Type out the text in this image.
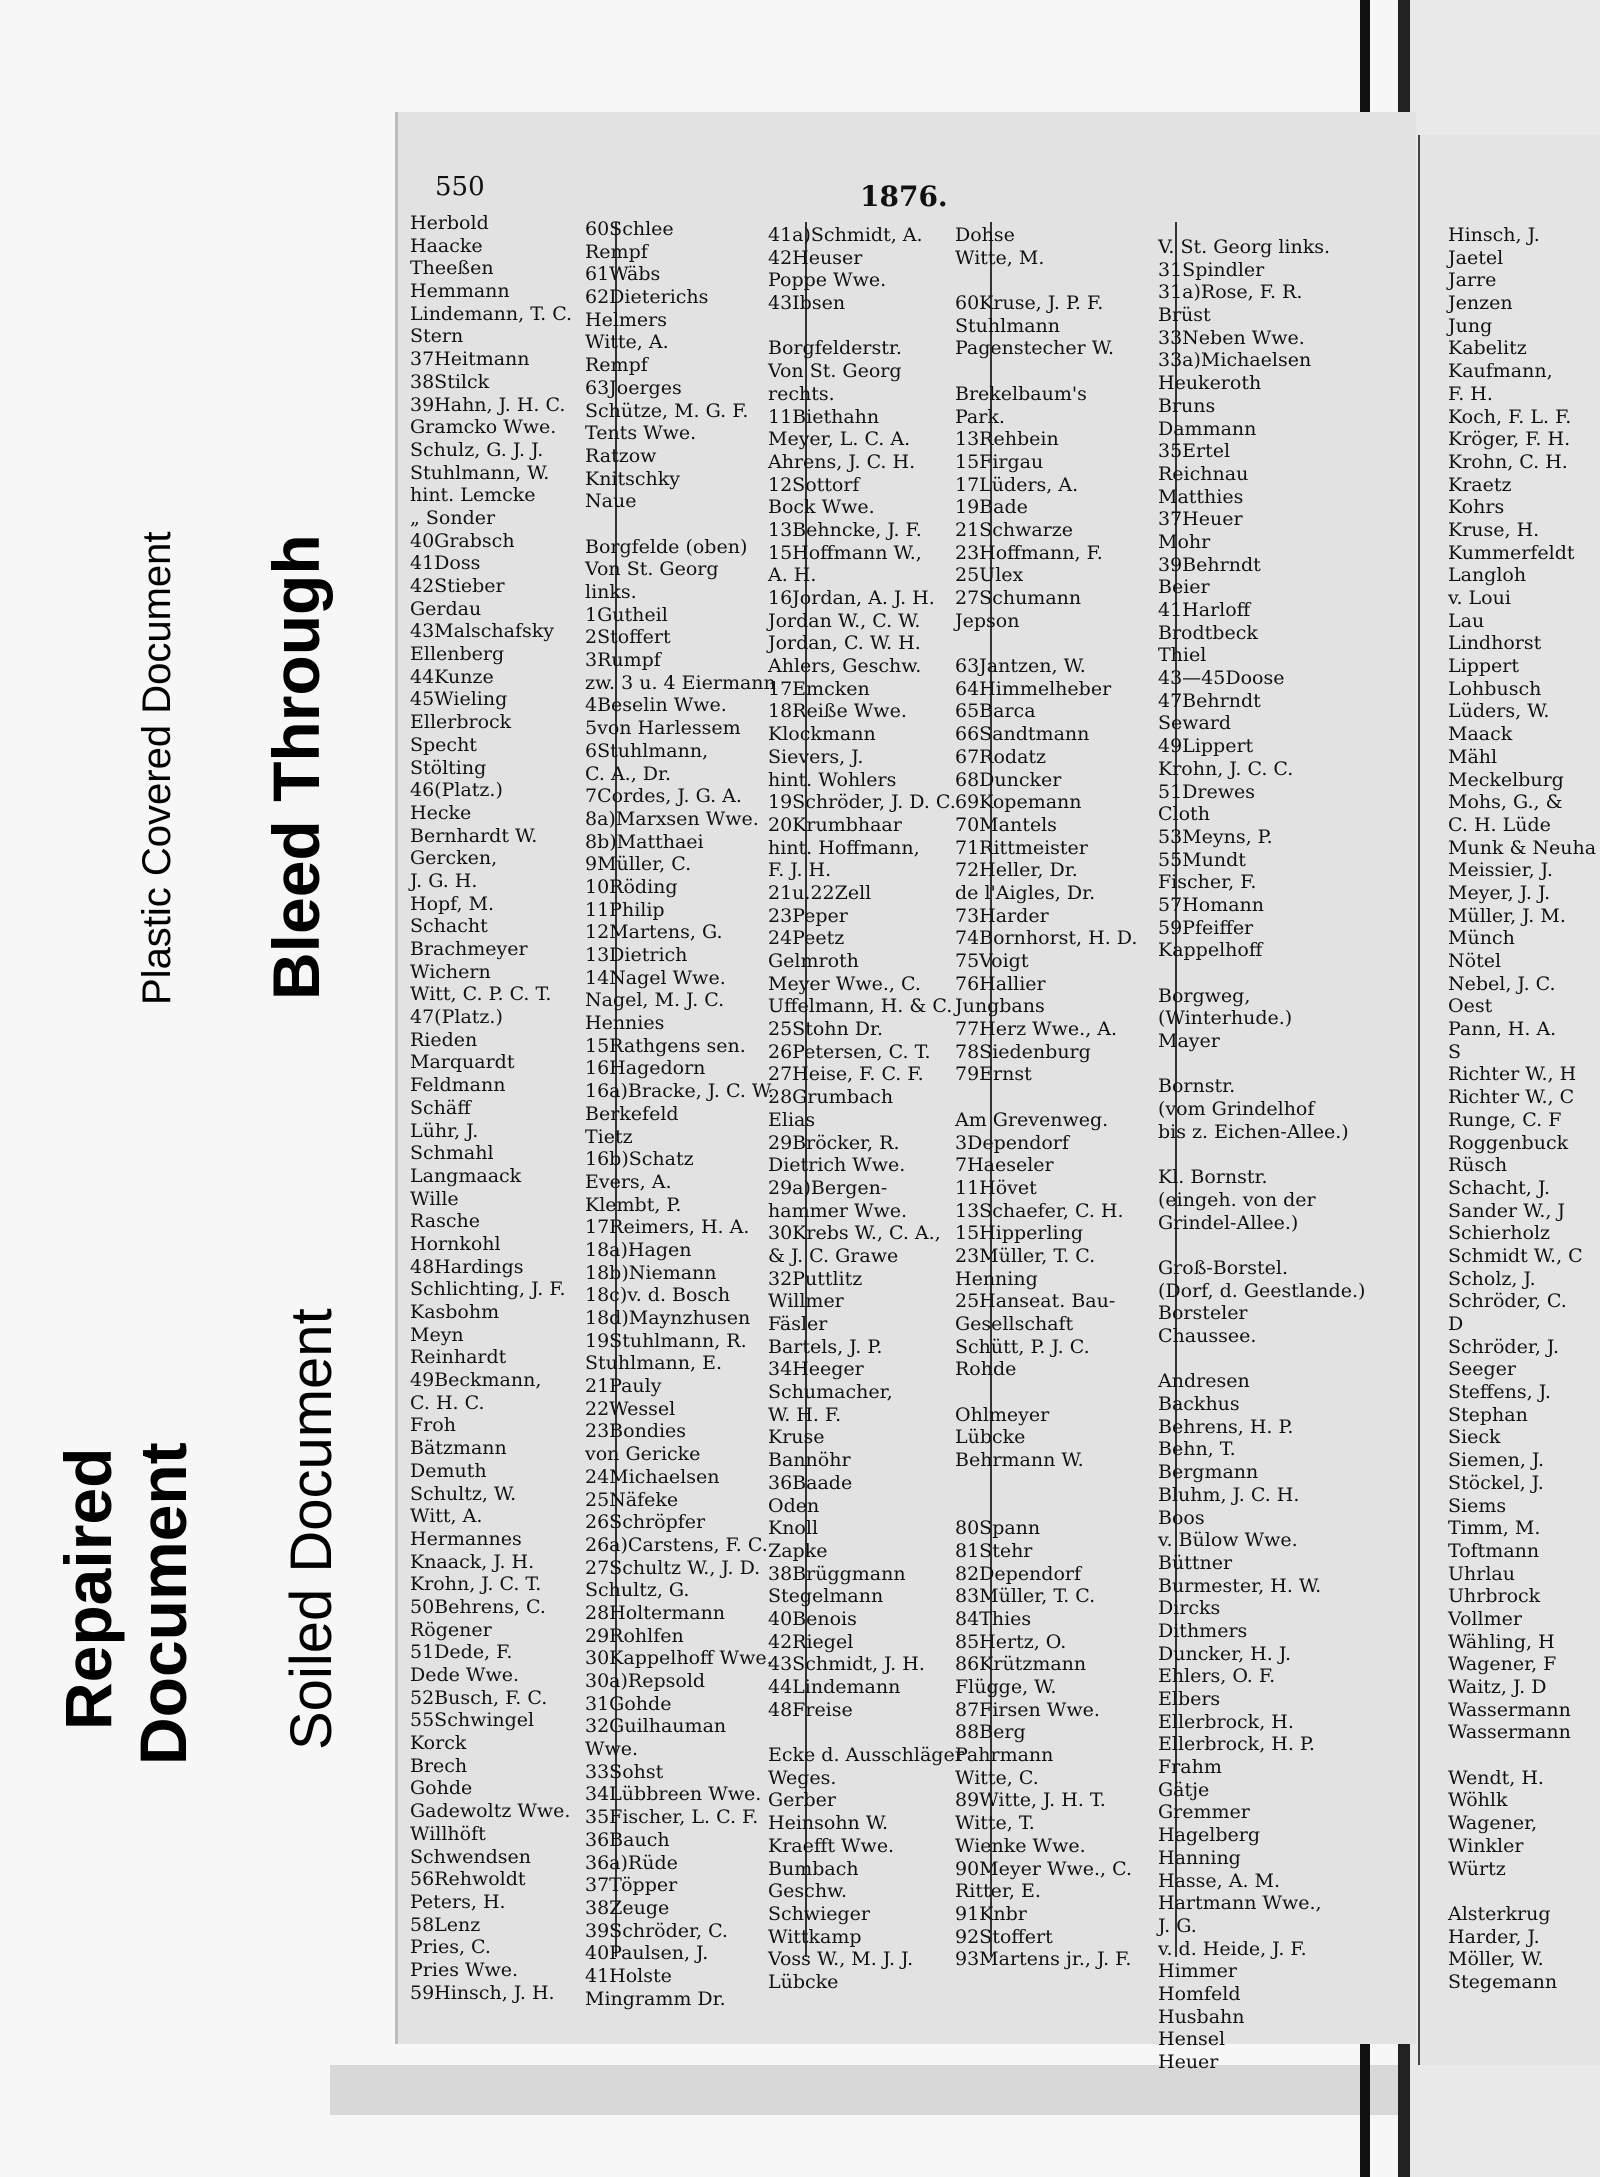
550	1876.
Herbold
Haacke
Theeßen
Hemmann
Lindemann, T. C.
Stern
37Heitmann
38Stilck
39Hahn, J. H. C.
Gramcko Wwe.
Schulz, G. J. J.
Stuhlmann, W.
hint. Lemcke
„ Sonder
40Grabsch
41Doss
42Stieber
Gerdau
43Malschafsky
Ellenberg
44Kunze
45Wieling
Ellerbrock
Specht
Stölting
46(Platz.)
Hecke
Bernhardt W.
Gercken,
J. G. H.
Hopf, M.
Schacht
Brachmeyer
Wichern
Witt, C. P. C. T.
47(Platz.)
Rieden
Marquardt
Feldmann
Schäff
Lühr, J.
Schmahl
Langmaack
Wille
Rasche
Hornkohl
48Hardings
Schlichting, J. F.
Kasbohm
Meyn
Reinhardt
49Beckmann,
C. H. C.
Froh
Bätzmann
Demuth
Schultz, W.
Witt, A.
Hermannes
Knaack, J. H.
Krohn, J. C. T.
50Behrens, C.
Rögener
51Dede, F.
Dede Wwe.
52Busch, F. C.
55Schwingel
Korck
Brech
Gohde
Gadewoltz Wwe.
Willhöft
Schwendsen
56Rehwoldt
Peters, H.
58Lenz
Pries, C.
Pries Wwe.
59Hinsch, J. H.
60Schlee
Rempf
61Wäbs
62Dieterichs
Helmers
Witte, A.
Rempf
63Joerges
Schütze, M. G. F.
Tents Wwe.
Ratzow
Knitschky
Naue
Borgfelde (oben)
Von St. Georg
links.
1Gutheil
2Stoffert
3Rumpf
zw. 3 u. 4 Eiermann
4Beselin Wwe.
5von Harlessem
6Stuhlmann,
C. A., Dr.
7Cordes, J. G. A.
8a)Marxsen Wwe.
8b)Matthaei
9Müller, C.
10Röding
11Philip
12Martens, G.
13Dietrich
14Nagel Wwe.
Nagel, M. J. C.
Hennies
15Rathgens sen.
16Hagedorn
16a)Bracke, J. C. W.
Berkefeld
Tietz
16b)Schatz
Evers, A.
Klembt, P.
17Reimers, H. A.
18a)Hagen
18b)Niemann
18c)v. d. Bosch
18d)Maynzhusen
19Stuhlmann, R.
Stuhlmann, E.
21Pauly
22Wessel
23Bondies
von Gericke
24Michaelsen
25Näfeke
26Schröpfer
26a)Carstens, F. C.
27Schultz W., J. D.
Schultz, G.
28Holtermann
29Rohlfen
30Kappelhoff Wwe.
30a)Repsold
31Gohde
32Guilhauman
Wwe.
33Sohst
34Lübbreen Wwe.
35Fischer, L. C. F.
36Bauch
36a)Rüde
37Töpper
38Zeuge
39Schröder, C.
40Paulsen, J.
41Holste
Mingramm Dr.
41a)Schmidt, A.
42Heuser
Poppe Wwe.
43Ibsen
Borgfelderstr.
Von St. Georg
rechts.
11Biethahn
Meyer, L. C. A.
Ahrens, J. C. H.
12Sottorf
Bock Wwe.
13Behncke, J. F.
15Hoffmann W.,
A. H.
16Jordan, A. J. H.
Jordan W., C. W.
Jordan, C. W. H.
Ahlers, Geschw.
17Emcken
18Reiße Wwe.
Klockmann
Sievers, J.
hint. Wohlers
19Schröder, J. D. C.
20Krumbhaar
hint. Hoffmann,
F. J. H.
21u.22Zell
23Peper
24Peetz
Gelmroth
Meyer Wwe., C.
Uffelmann, H. & C.
25Stohn Dr.
26Petersen, C. T.
27Heise, F. C. F.
28Grumbach
Elias
29Bröcker, R.
Dietrich Wwe.
29a)Bergen-
hammer Wwe.
30Krebs W., C. A.,
& J. C. Grawe
32Puttlitz
Willmer
Fäsler
Bartels, J. P.
34Heeger
Schumacher,
W. H. F.
Kruse
Bannöhr
36Baade
Oden
Knoll
Zapke
38Brüggmann
Stegelmann
40Benois
42Riegel
43Schmidt, J. H.
44Lindemann
48Freise
Ecke d. Ausschläger
Weges.
Gerber
Heinsohn W.
Kraefft Wwe.
Bumbach
Geschw.
Schwieger
Wittkamp
Voss W., M. J. J.
Lübcke
Dohse
Witte, M.
60Kruse, J. P. F.
Stuhlmann
Pagenstecher W.
Brekelbaum's
Park.
13Rehbein
15Firgau
17Lüders, A.
19Bade
21Schwarze
23Hoffmann, F.
25Ulex
27Schumann
Jepson
63Jantzen, W.
64Himmelheber
65Barca
66Sandtmann
67Rodatz
68Duncker
69Kopemann
70Mantels
71Rittmeister
72Heller, Dr.
de l'Aigles, Dr.
73Harder
74Bornhorst, H. D.
75Voigt
76Hallier
Jungbans
77Herz Wwe., A.
78Siedenburg
79Ernst
Am Grevenweg.
3Dependorf
7Haeseler
11Hövet
13Schaefer, C. H.
15Hipperling
23Müller, T. C.
Henning
25Hanseat. Bau-
Gesellschaft
Schütt, P. J. C.
Rohde
Ohlmeyer
Lübcke
Behrmann W.
80Spann
81Stehr
82Dependorf
83Müller, T. C.
84Thies
85Hertz, O.
86Krützmann
Flügge, W.
87Firsen Wwe.
88Berg
Pahrmann
Witte, C.
89Witte, J. H. T.
Witte, T.
Wienke Wwe.
90Meyer Wwe., C.
Ritter, E.
91Knbr
92Stoffert
93Martens jr., J. F.
V. St. Georg links.
31Spindler
31a)Rose, F. R.
Brüst
33Neben Wwe.
33a)Michaelsen
Heukeroth
Bruns
Dammann
35Ertel
Reichnau
Matthies
37Heuer
Mohr
39Behrndt
Beier
41Harloff
Brodtbeck
Thiel
43—45Doose
47Behrndt
Seward
49Lippert
Krohn, J. C. C.
51Drewes
Cloth
53Meyns, P.
55Mundt
Fischer, F.
57Homann
59Pfeiffer
Kappelhoff
Borgweg,
(Winterhude.)
Mayer
Bornstr.
(vom Grindelhof
bis z. Eichen-Allee.)
Kl. Bornstr.
(eingeh. von der
Grindel-Allee.)
Groß-Borstel.
(Dorf, d. Geestlande.)
Borsteler
Chaussee.
Andresen
Backhus
Behrens, H. P.
Behn, T.
Bergmann
Bluhm, J. C. H.
Boos
v. Bülow Wwe.
Büttner
Burmester, H. W.
Dircks
Dithmers
Duncker, H. J.
Ehlers, O. F.
Elbers
Ellerbrock, H.
Ellerbrock, H. P.
Frahm
Gätje
Gremmer
Hagelberg
Hanning
Hasse, A. M.
Hartmann Wwe.,
J. G.
v. d. Heide, J. F.
Himmer
Homfeld
Husbahn
Hensel
Heuer
Hinsch, J.
Jaetel
Jarre
Jenzen
Jung
Kabelitz
Kaufmann,
F. H.
Koch, F. L. F.
Kröger, F. H.
Krohn, C. H.
Kraetz
Kohrs
Kruse, H.
Kummerfeldt
Langloh
v. Loui
Lau
Lindhorst
Lippert
Lohbusch
Lüders, W.
Maack
Mähl
Meckelburg
Mohs, G., &
C. H. Lüde
Munk & Neuha
Meissier, J.
Meyer, J. J.
Müller, J. M.
Münch
Nötel
Nebel, J. C.
Oest
Pann, H. A.
S
Richter W., H
Richter W., C
Runge, C. F
Roggenbuck
Rüsch
Schacht, J.
Sander W., J
Schierholz
Schmidt W., C
Scholz, J.
Schröder, C.
D
Schröder, J.
Seeger
Steffens, J.
Stephan
Sieck
Siemen, J.
Stöckel, J.
Siems
Timm, M.
Toftmann
Uhrlau
Uhrbrock
Vollmer
Wähling, H
Wagener, F
Waitz, J. D
Wassermann
Wassermann
Wendt, H.
Wöhlk
Wagener,
Winkler
Würtz
Alsterkrug
Harder, J.
Möller, W.
Stegemann
Plastic Covered Document Bleed Through
Soiled Document
Repaired Document
